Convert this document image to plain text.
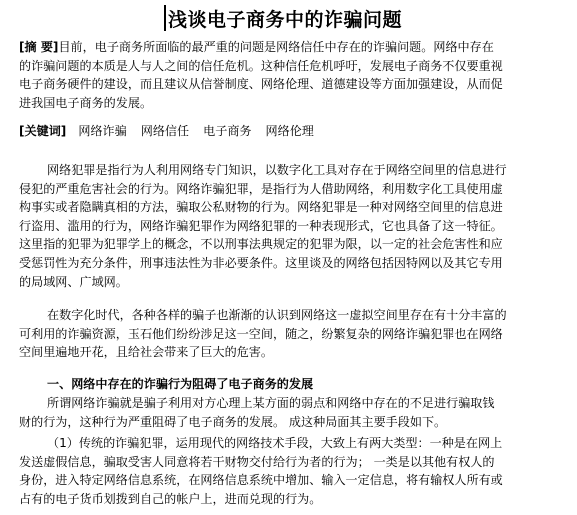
浅谈电子商务中的诈骗问题
[摘 要]目前，电子商务所面临的最严重的问题是网络信任中存在的诈骗问题。网络中存在
的诈骗问题的本质是人与人之间的信任危机。这种信任危机呼吁，发展电子商务不仅要重视
电子商务硬件的建设，而且建议从信誉制度、网络伦理、道德建设等方面加强建设，从而促
进我国电子商务的发展。
[关键词] 网络诈骗 网络信任 电子商务 网络伦理
网络犯罪是指行为人利用网络专门知识，以数字化工具对存在于网络空间里的信息进行
侵犯的严重危害社会的行为。网络诈骗犯罪，是指行为人借助网络，利用数字化工具使用虚
构事实或者隐瞒真相的方法，骗取公私财物的行为。网络犯罪是一种对网络空间里的信息进
行盗用、滥用的行为，网络诈骗犯罪作为网络犯罪的一种表现形式，它也具备了这一特征。
这里指的犯罪为犯罪学上的概念，不以刑事法典规定的犯罪为限，以一定的社会危害性和应
受惩罚性为充分条件，刑事违法性为非必要条件。这里谈及的网络包括因特网以及其它专用
的局域网、广域网。
在数字化时代，各种各样的骗子也渐渐的认识到网络这一虚拟空间里存在有十分丰富的
可利用的诈骗资源，玉石他们纷纷涉足这一空间，随之，纷繁复杂的网络诈骗犯罪也在网络
空间里遍地开花，且给社会带来了巨大的危害。
一、网络中存在的诈骗行为阻碍了电子商务的发展
所谓网络诈骗就是骗子利用对方心理上某方面的弱点和网络中存在的不足进行骗取钱
财的行为，这种行为严重阻碍了电子商务的发展。 成这种局面其主要手段如下。
（1）传统的诈骗犯罪，运用现代的网络技术手段，大致上有两大类型：一种是在网上
发送虚假信息，骗取受害人同意将若干财物交付给行为者的行为； 一类是以其他有权人的
身份，进入特定网络信息系统，在网络信息系统中增加、输入一定信息，将有输权人所有或
占有的电子货币划拨到自己的帐户上，进而兑现的行为。
